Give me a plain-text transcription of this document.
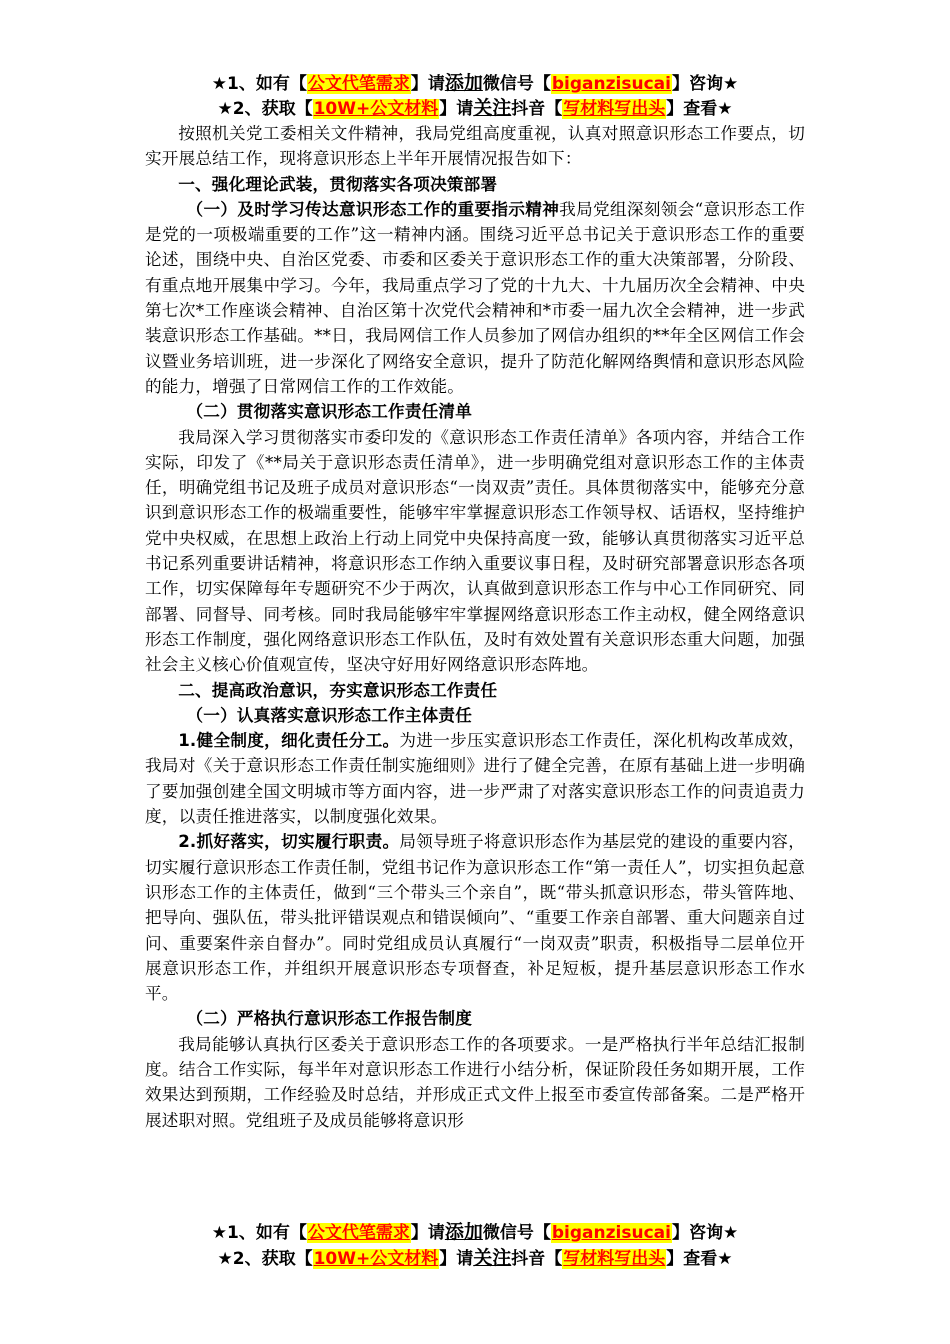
★1、如有【公文代笔需求】请添加微信号【biganzisucai】咨询★
★2、获取【10W+公文材料】请关注抖音【写材料写出头】查看★

按照机关党工委相关文件精神，我局党组高度重视，认真对照意识形态工作要点，切实开展总结工作，现将意识形态上半年开展情况报告如下：

一、强化理论武装，贯彻落实各项决策部署

（一）及时学习传达意识形态工作的重要指示精神我局党组深刻领会“意识形态工作是党的一项极端重要的工作”这一精神内涵。围绕习近平总书记关于意识形态工作的重要论述，围绕中央、自治区党委、市委和区委关于意识形态工作的重大决策部署，分阶段、有重点地开展集中学习。今年，我局重点学习了党的十九大、十九届历次全会精神、中央第七次*工作座谈会精神、自治区第十次党代会精神和*市委一届九次全会精神，进一步武装意识形态工作基础。**日，我局网信工作人员参加了网信办组织的**年全区网信工作会议暨业务培训班，进一步深化了网络安全意识，提升了防范化解网络舆情和意识形态风险的能力，增强了日常网信工作的工作效能。

（二）贯彻落实意识形态工作责任清单

我局深入学习贯彻落实市委印发的《意识形态工作责任清单》各项内容，并结合工作实际，印发了《**局关于意识形态责任清单》，进一步明确党组对意识形态工作的主体责任，明确党组书记及班子成员对意识形态“一岗双责”责任。具体贯彻落实中，能够充分意识到意识形态工作的极端重要性，能够牢牢掌握意识形态工作领导权、话语权，坚持维护党中央权威，在思想上政治上行动上同党中央保持高度一致，能够认真贯彻落实习近平总书记系列重要讲话精神，将意识形态工作纳入重要议事日程，及时研究部署意识形态各项工作，切实保障每年专题研究不少于两次，认真做到意识形态工作与中心工作同研究、同部署、同督导、同考核。同时我局能够牢牢掌握网络意识形态工作主动权，健全网络意识形态工作制度，强化网络意识形态工作队伍，及时有效处置有关意识形态重大问题，加强社会主义核心价值观宣传，坚决守好用好网络意识形态阵地。

二、提高政治意识，夯实意识形态工作责任

（一）认真落实意识形态工作主体责任

1.健全制度，细化责任分工。为进一步压实意识形态工作责任，深化机构改革成效，我局对《关于意识形态工作责任制实施细则》进行了健全完善，在原有基础上进一步明确了要加强创建全国文明城市等方面内容，进一步严肃了对落实意识形态工作的问责追责力度，以责任推进落实，以制度强化效果。

2.抓好落实，切实履行职责。局领导班子将意识形态作为基层党的建设的重要内容，切实履行意识形态工作责任制，党组书记作为意识形态工作“第一责任人”，切实担负起意识形态工作的主体责任，做到“三个带头三个亲自”，既“带头抓意识形态，带头管阵地、把导向、强队伍，带头批评错误观点和错误倾向”、“重要工作亲自部署、重大问题亲自过问、重要案件亲自督办”。同时党组成员认真履行“一岗双责”职责，积极指导二层单位开展意识形态工作，并组织开展意识形态专项督查，补足短板，提升基层意识形态工作水平。

（二）严格执行意识形态工作报告制度

我局能够认真执行区委关于意识形态工作的各项要求。一是严格执行半年总结汇报制度。结合工作实际，每半年对意识形态工作进行小结分析，保证阶段任务如期开展，工作效果达到预期，工作经验及时总结，并形成正式文件上报至市委宣传部备案。二是严格开展述职对照。党组班子及成员能够将意识形

★1、如有【公文代笔需求】请添加微信号【biganzisucai】咨询★
★2、获取【10W+公文材料】请关注抖音【写材料写出头】查看★
